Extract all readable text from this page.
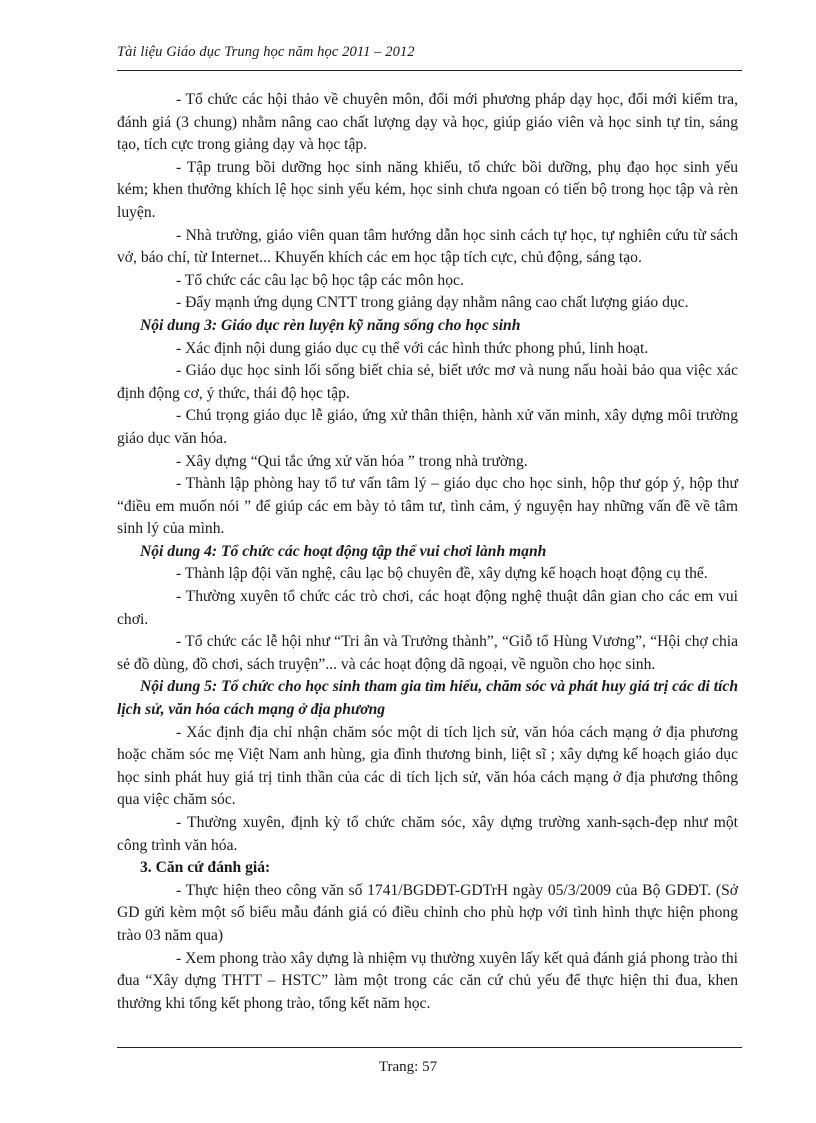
Tài liệu Giáo dục Trung học năm học 2011 – 2012

- Tổ chức các hội thảo về chuyên môn, đổi mới phương pháp dạy học, đổi mới kiểm tra, đánh giá (3 chung) nhằm nâng cao chất lượng dạy và học, giúp giáo viên và học sinh tự tin, sáng tạo, tích cực trong giảng dạy và học tập.

- Tập trung bồi dưỡng học sinh năng khiếu, tổ chức bồi dưỡng, phụ đạo học sinh yếu kém; khen thưởng khích lệ học sinh yếu kém, học sinh chưa ngoan có tiến bộ trong học tập và rèn luyện.

- Nhà trường, giáo viên quan tâm hướng dẫn học sinh cách tự học, tự nghiên cứu từ sách vở, báo chí, từ Internet... Khuyến khích các em học tập tích cực, chủ động, sáng tạo.

- Tổ chức các câu lạc bộ học tập các môn học.

- Đẩy mạnh ứng dụng CNTT trong giảng dạy nhằm nâng cao chất lượng giáo dục.

Nội dung 3: Giáo dục rèn luyện kỹ năng sống cho học sinh

- Xác định nội dung giáo dục cụ thể với các hình thức phong phú, linh hoạt.

- Giáo dục học sinh lối sống biết chia sẻ, biết ước mơ và nung nấu hoài bảo qua việc xác định động cơ, ý thức, thái độ học tập.

- Chú trọng giáo dục lễ giáo, ứng xử thân thiện, hành xử văn minh, xây dựng môi trường giáo dục văn hóa.

- Xây dựng “Qui tắc ứng xử văn hóa ” trong nhà trường.

- Thành lập phòng hay tổ tư vấn tâm lý – giáo dục cho học sinh, hộp thư góp ý, hộp thư “điều em muốn nói ” để giúp các em bày tỏ tâm tư, tình cảm, ý nguyện hay những vấn đề về tâm sinh lý của mình.

Nội dung 4: Tổ chức các hoạt động tập thể vui chơi lành mạnh

- Thành lập đội văn nghệ, câu lạc bộ chuyên đề, xây dựng kế hoạch hoạt động cụ thể.

- Thường xuyên tổ chức các trò chơi, các hoạt động nghệ thuật dân gian cho các em vui chơi.

- Tổ chức các lễ hội như “Tri ân và Trưởng thành”, “Giỗ tổ Hùng Vương”, “Hội chợ chia sẻ đồ dùng, đồ chơi, sách truyện”... và các hoạt động dã ngoại, về nguồn cho học sinh.

Nội dung 5: Tổ chức cho học sinh tham gia tìm hiểu, chăm sóc và phát huy giá trị các di tích lịch sử, văn hóa cách mạng ở địa phương

- Xác định địa chỉ nhận chăm sóc một di tích lịch sử, văn hóa cách mạng ở địa phương hoặc chăm sóc mẹ Việt Nam anh hùng, gia đình thương binh, liệt sĩ ; xây dựng kế hoạch giáo dục học sinh phát huy giá trị tinh thần của các di tích lịch sử, văn hóa cách mạng ở địa phương thông qua việc chăm sóc.

- Thường xuyên, định kỳ tổ chức chăm sóc, xây dựng trường xanh-sạch-đẹp như một công trình văn hóa.

3. Căn cứ đánh giá:

- Thực hiện theo công văn số 1741/BGDĐT-GDTrH ngày 05/3/2009 của Bộ GDĐT. (Sở GD gửi kèm một số biểu mẫu đánh giá có điều chỉnh cho phù hợp với tình hình thực hiện phong trào 03 năm qua)

- Xem phong trào xây dựng là nhiệm vụ thường xuyên lấy kết quả đánh giá phong trào thi đua “Xây dựng THTT – HSTC” làm một trong các căn cứ chủ yếu để thực hiện thi đua, khen thưởng khi tổng kết phong trào, tổng kết năm học.

Trang: 57
